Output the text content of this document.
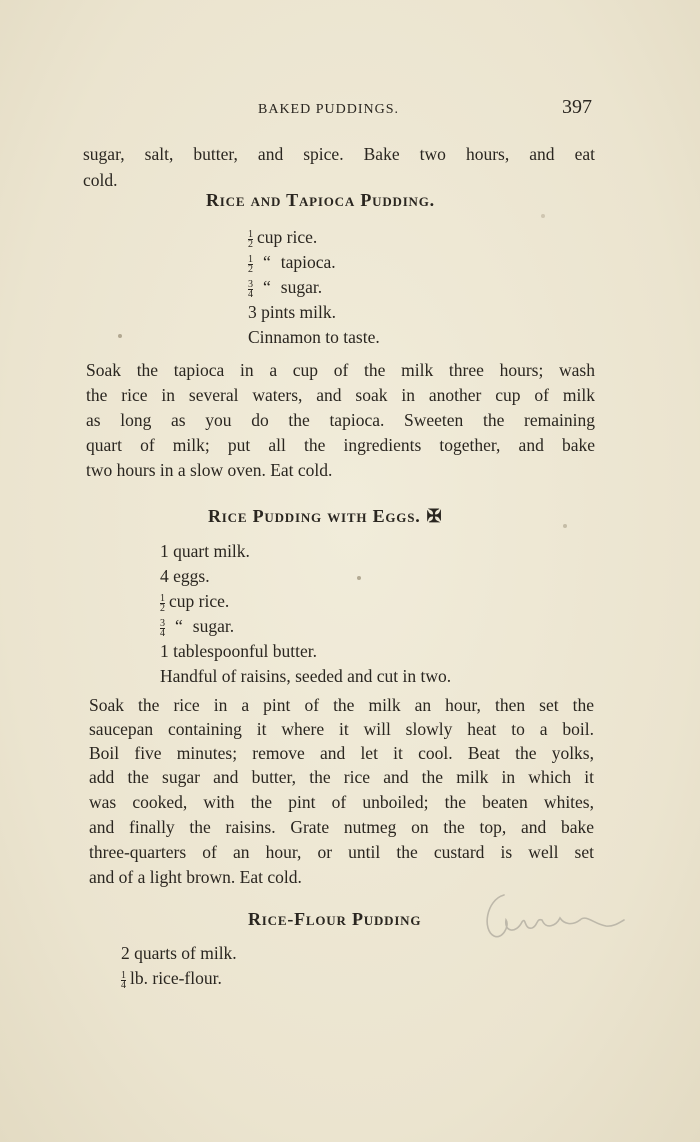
BAKED PUDDINGS.	397

sugar, salt, butter, and spice. Bake two hours, and eat

cold.

Rice and Tapioca Pudding.
$\frac{1}{2}$ cup rice.
$\frac{1}{2}$ “ tapioca.
$\frac{3}{4}$ “ sugar.
3 pints milk.
Cinnamon to taste.

Soak the tapioca in a cup of the milk three hours; wash

the rice in several waters, and soak in another cup of milk

as long as you do the tapioca. Sweeten the remaining

quart of milk; put all the ingredients together, and bake

two hours in a slow oven. Eat cold.

Rice Pudding with Eggs. ✠
1 quart milk.
4 eggs.
$\frac{1}{2}$ cup rice.
$\frac{3}{4}$ “ sugar.
1 tablespoonful butter.
Handful of raisins, seeded and cut in two.

Soak the rice in a pint of the milk an hour, then set the

saucepan containing it where it will slowly heat to a boil.

Boil five minutes; remove and let it cool. Beat the yolks,

add the sugar and butter, the rice and the milk in which it

was cooked, with the pint of unboiled; the beaten whites,

and finally the raisins. Grate nutmeg on the top, and bake

three-quarters of an hour, or until the custard is well set

and of a light brown. Eat cold.

Rice-Flour Pudding
2 quarts of milk.
$\frac{1}{4}$ lb. rice-flour.
